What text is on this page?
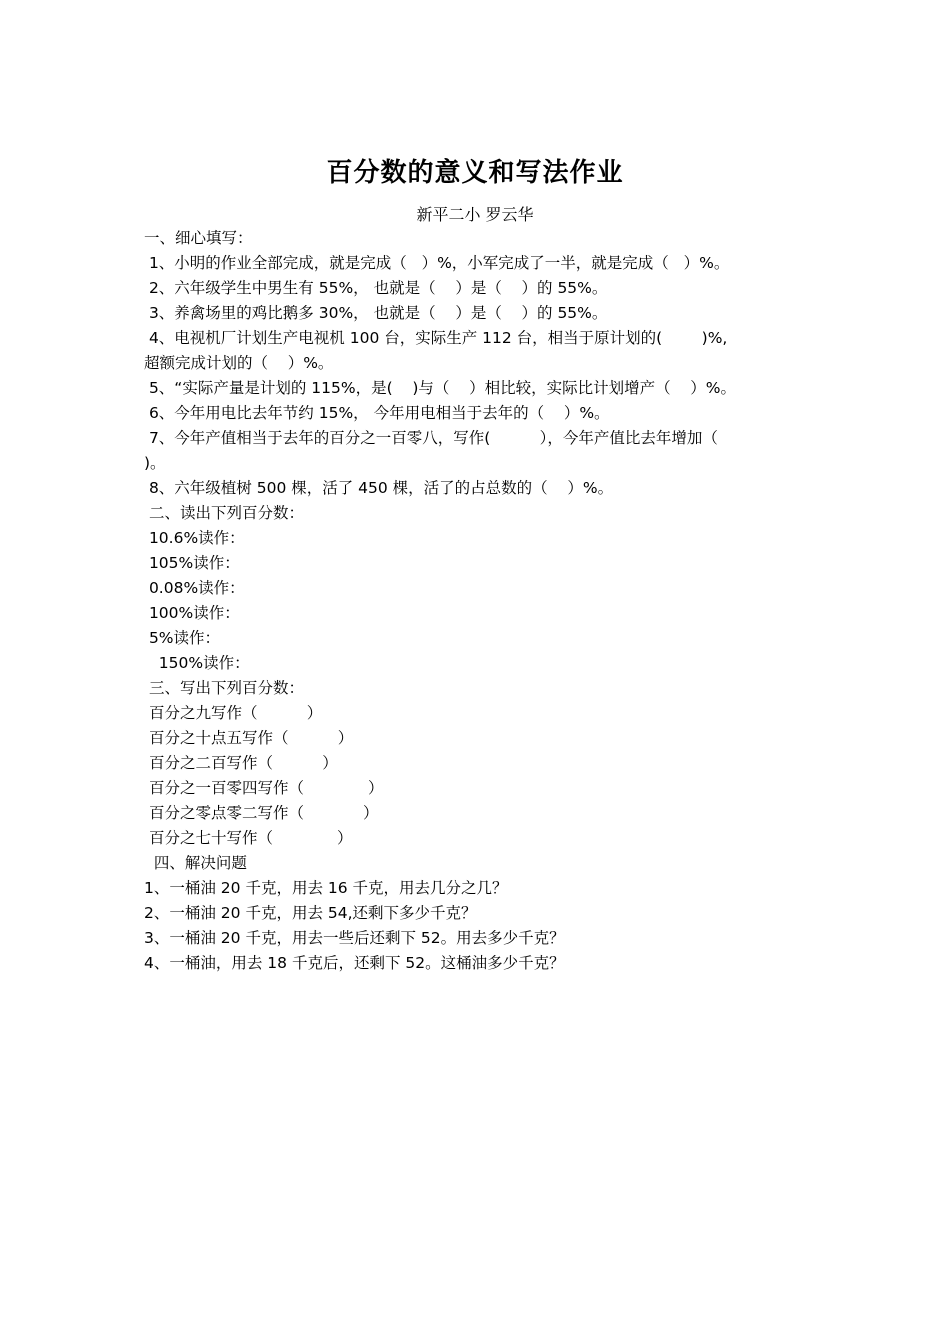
百分数的意义和写法作业
新平二小 罗云华
一、细心填写：
1、小明的作业全部完成，就是完成（   ）%，小军完成了一半，就是完成（   ）%。
2、六年级学生中男生有 55%， 也就是（    ）是（    ）的 55%。
3、养禽场里的鸡比鹅多 30%， 也就是（    ）是（    ）的 55%。
4、电视机厂计划生产电视机 100 台，实际生产 112 台，相当于原计划的(        )%,
超额完成计划的（    ）%。
5、“实际产量是计划的 115%，是(    )与（    ）相比较，实际比计划增产（    ）%。
6、今年用电比去年节约 15%， 今年用电相当于去年的（    ）%。
7、今年产值相当于去年的百分之一百零八，写作(          ），今年产值比去年增加（
)。
8、六年级植树 500 棵，活了 450 棵，活了的占总数的（    ）%。
二、读出下列百分数：
10.6%读作：
105%读作：
0.08%读作：
100%读作：
5%读作：
150%读作：
三、写出下列百分数：
百分之九写作（          ）
百分之十点五写作（          ）
百分之二百写作（          ）
百分之一百零四写作（             ）
百分之零点零二写作（            ）
百分之七十写作（             ）
四、解决问题
1、一桶油 20 千克，用去 16 千克，用去几分之几？
2、一桶油 20 千克，用去 54,还剩下多少千克？
3、一桶油 20 千克，用去一些后还剩下 52。用去多少千克？
4、一桶油，用去 18 千克后，还剩下 52。这桶油多少千克？
